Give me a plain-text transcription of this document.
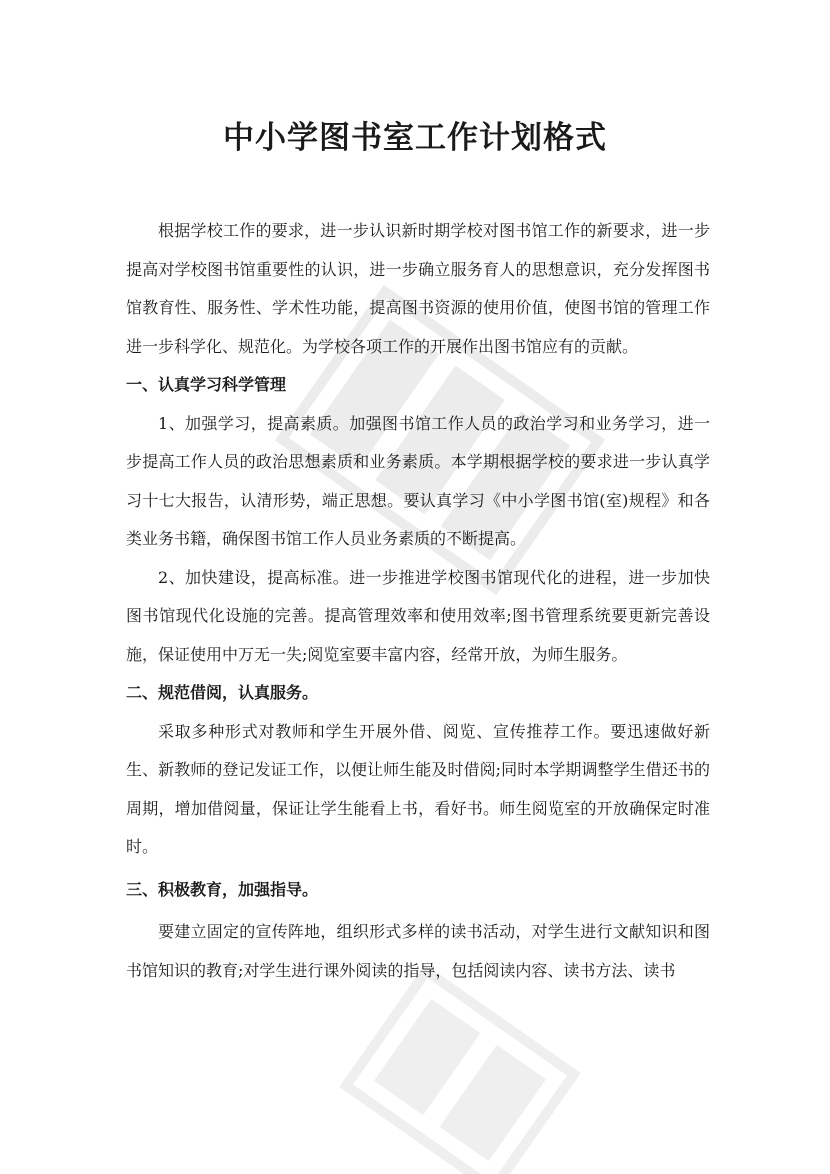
中小学图书室工作计划格式

根据学校工作的要求，进一步认识新时期学校对图书馆工作的新要求，进一步提高对学校图书馆重要性的认识，进一步确立服务育人的思想意识，充分发挥图书馆教育性、服务性、学术性功能，提高图书资源的使用价值，使图书馆的管理工作进一步科学化、规范化。为学校各项工作的开展作出图书馆应有的贡献。

一、认真学习科学管理

1、加强学习，提高素质。加强图书馆工作人员的政治学习和业务学习，进一步提高工作人员的政治思想素质和业务素质。本学期根据学校的要求进一步认真学习十七大报告，认清形势，端正思想。要认真学习《中小学图书馆(室)规程》和各类业务书籍，确保图书馆工作人员业务素质的不断提高。

2、加快建设，提高标准。进一步推进学校图书馆现代化的进程，进一步加快图书馆现代化设施的完善。提高管理效率和使用效率;图书管理系统要更新完善设施，保证使用中万无一失;阅览室要丰富内容，经常开放，为师生服务。

二、规范借阅，认真服务。

采取多种形式对教师和学生开展外借、阅览、宣传推荐工作。要迅速做好新生、新教师的登记发证工作，以便让师生能及时借阅;同时本学期调整学生借还书的周期，增加借阅量，保证让学生能看上书，看好书。师生阅览室的开放确保定时准时。

三、积极教育，加强指导。

要建立固定的宣传阵地，组织形式多样的读书活动，对学生进行文献知识和图书馆知识的教育;对学生进行课外阅读的指导，包括阅读内容、读书方法、读书
